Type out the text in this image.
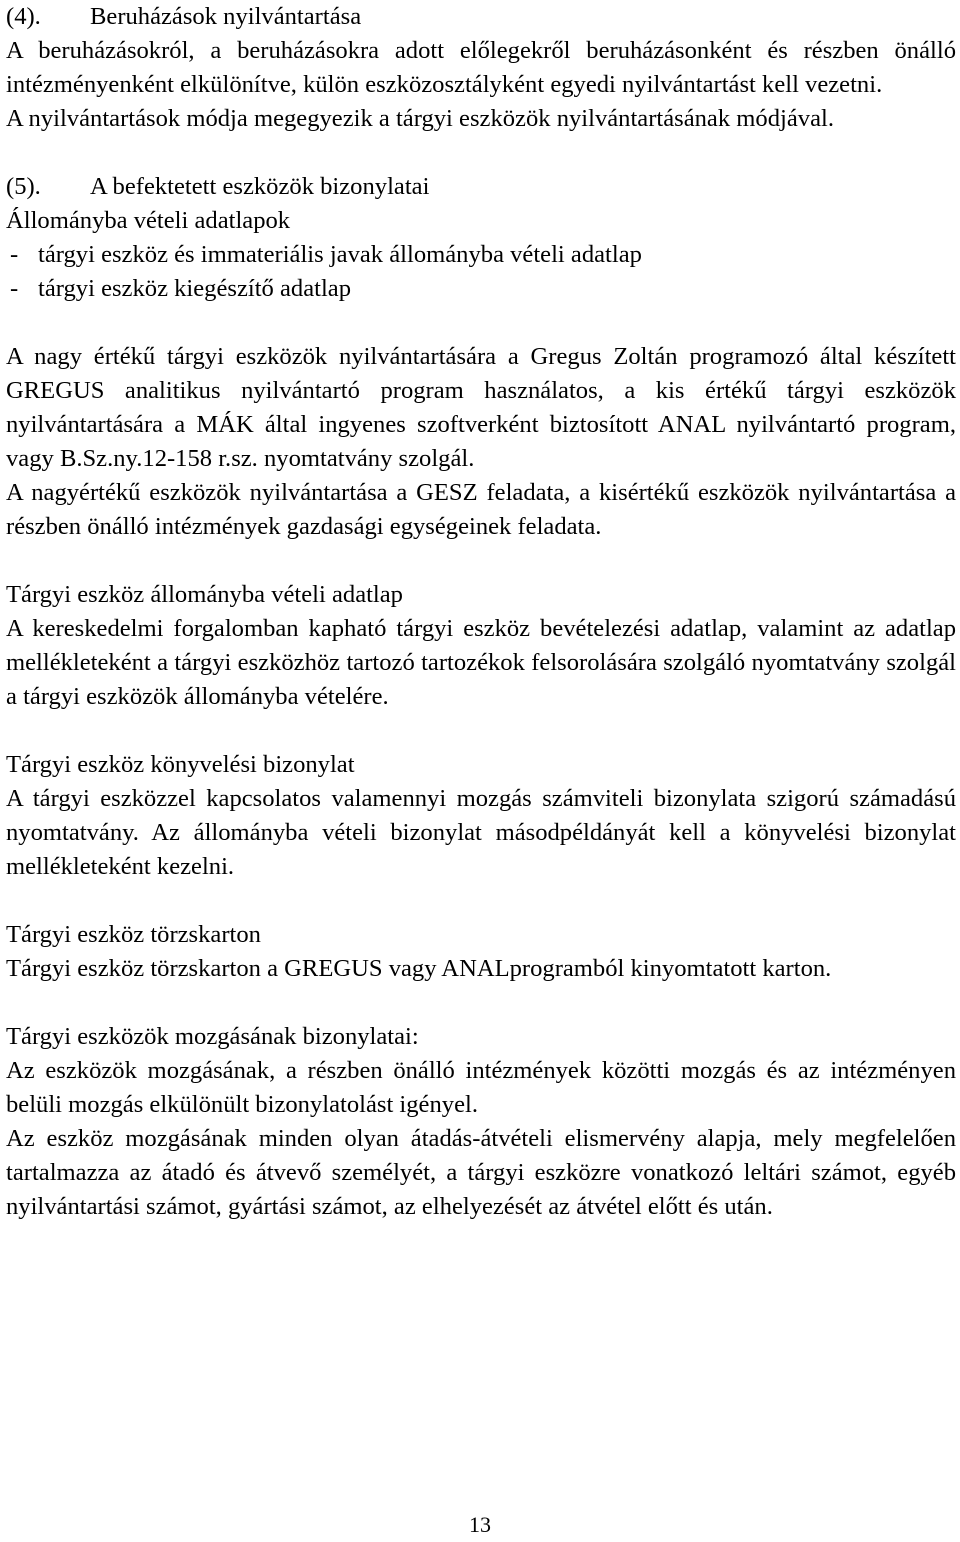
(4). Beruházások nyilvántartása

A beruházásokról, a beruházásokra adott előlegekről beruházásonként és részben önálló intézményenként elkülönítve, külön eszközosztályként egyedi nyilvántartást kell vezetni.

A nyilvántartások módja megegyezik a tárgyi eszközök nyilvántartásának módjával.

(5). A befektetett eszközök bizonylatai

Állományba vételi adatlapok

- tárgyi eszköz és immateriális javak állományba vételi adatlap
- tárgyi eszköz kiegészítő adatlap

A nagy értékű tárgyi eszközök nyilvántartására a Gregus Zoltán programozó által készített GREGUS analitikus nyilvántartó program használatos, a kis értékű tárgyi eszközök nyilvántartására a MÁK által ingyenes szoftverként biztosított ANAL nyilvántartó program, vagy B.Sz.ny.12-158 r.sz. nyomtatvány szolgál.

A nagyértékű eszközök nyilvántartása a GESZ feladata, a kisértékű eszközök nyilvántartása a részben önálló intézmények gazdasági egységeinek feladata.

Tárgyi eszköz állományba vételi adatlap

A kereskedelmi forgalomban kapható tárgyi eszköz bevételezési adatlap, valamint az adatlap mellékleteként a tárgyi eszközhöz tartozó tartozékok felsorolására szolgáló nyomtatvány szolgál a tárgyi eszközök állományba vételére.

Tárgyi eszköz könyvelési bizonylat

A tárgyi eszközzel kapcsolatos valamennyi mozgás számviteli bizonylata szigorú számadású nyomtatvány. Az állományba vételi bizonylat másodpéldányát kell a könyvelési bizonylat mellékleteként kezelni.

Tárgyi eszköz törzskarton

Tárgyi eszköz törzskarton a GREGUS vagy ANALprogramból kinyomtatott karton.

Tárgyi eszközök mozgásának bizonylatai:

Az eszközök mozgásának, a részben önálló intézmények közötti mozgás és az intézményen belüli mozgás elkülönült bizonylatolást igényel.

Az eszköz mozgásának minden olyan átadás-átvételi elismervény alapja, mely megfelelően tartalmazza az átadó és átvevő személyét, a tárgyi eszközre vonatkozó leltári számot, egyéb nyilvántartási számot, gyártási számot, az elhelyezését az átvétel előtt és után.

13
